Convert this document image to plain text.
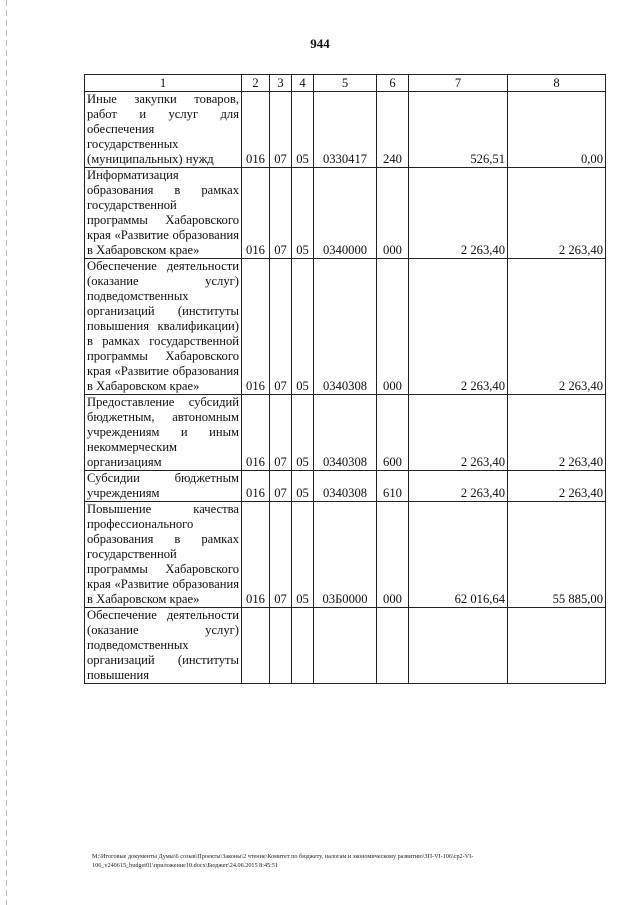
944
1	2	3	4	5	6	7	8
Иные закупки товаров, работ и услуг для обеспечения государственных (муниципальных) нужд	016	07	05	0330417	240	526,51	0,00
Информатизация образования в рамках государственной программы Хабаровского края «Развитие образования в Хабаровском крае»	016	07	05	0340000	000	2 263,40	2 263,40
Обеспечение деятельности (оказание услуг) подведомственных организаций (институты повышения квалификации) в рамках государственной программы Хабаровского края «Развитие образования в Хабаровском крае»	016	07	05	0340308	000	2 263,40	2 263,40
Предоставление субсидий бюджетным, автономным учреждениям и иным некоммерческим организациям	016	07	05	0340308	600	2 263,40	2 263,40
Субсидии бюджетным учреждениям	016	07	05	0340308	610	2 263,40	2 263,40
Повышение качества профессионального образования в рамках государственной программы Хабаровского края «Развитие образования в Хабаровском крае»	016	07	05	03Б0000	000	62 016,64	55 885,00
Обеспечение деятельности (оказание услуг) подведомственных организаций (институты повышения							
M:\Итоговые документы Думы\6 созыв\Проекты\Законы\2 чтение\Комитет по бюджету, налогам и экономическому развитию\ЗП-VI-106\ср2-VI-106_v240615_budget01\приложение10.docx\Бюджет\24.06.2015 8:45:51
